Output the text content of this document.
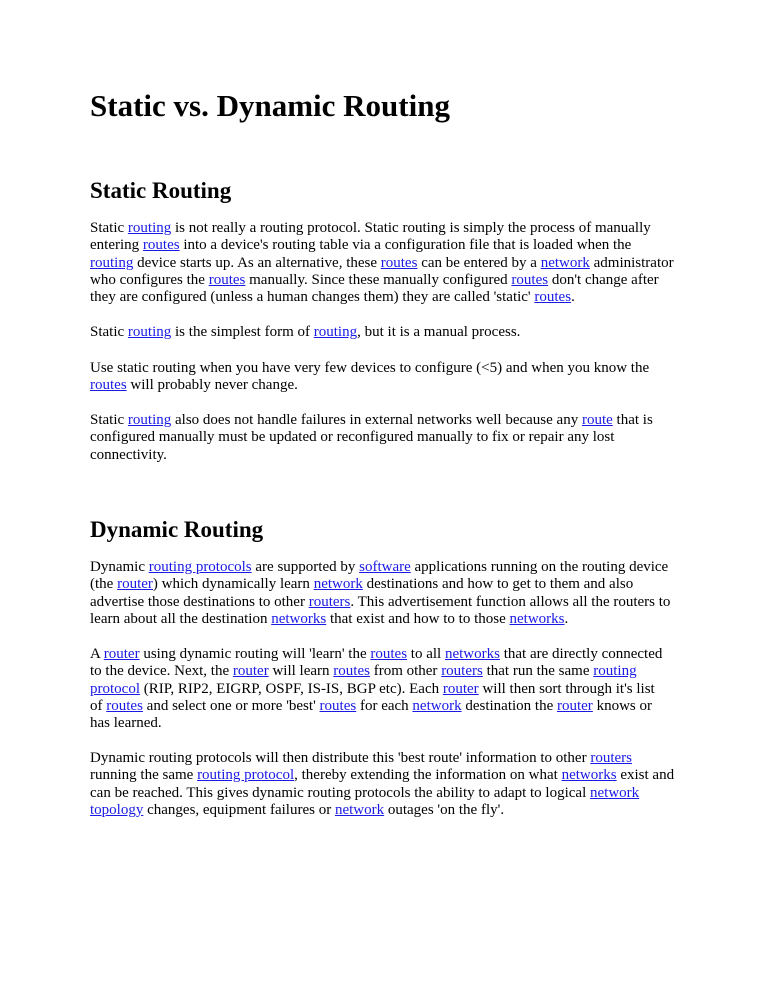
Static vs. Dynamic Routing
Static Routing

Static routing is not really a routing protocol. Static routing is simply the process of manually
entering routes into a device's routing table via a configuration file that is loaded when the
routing device starts up. As an alternative, these routes can be entered by a network administrator
who configures the routes manually. Since these manually configured routes don't change after
they are configured (unless a human changes them) they are called 'static' routes.

Static routing is the simplest form of routing, but it is a manual process.

Use static routing when you have very few devices to configure (<5) and when you know the
routes will probably never change.

Static routing also does not handle failures in external networks well because any route that is
configured manually must be updated or reconfigured manually to fix or repair any lost
connectivity.

Dynamic Routing

Dynamic routing protocols are supported by software applications running on the routing device
(the router) which dynamically learn network destinations and how to get to them and also
advertise those destinations to other routers. This advertisement function allows all the routers to
learn about all the destination networks that exist and how to to those networks.

A router using dynamic routing will 'learn' the routes to all networks that are directly connected
to the device. Next, the router will learn routes from other routers that run the same routing
protocol (RIP, RIP2, EIGRP, OSPF, IS-IS, BGP etc). Each router will then sort through it's list
of routes and select one or more 'best' routes for each network destination the router knows or
has learned.

Dynamic routing protocols will then distribute this 'best route' information to other routers
running the same routing protocol, thereby extending the information on what networks exist and
can be reached. This gives dynamic routing protocols the ability to adapt to logical network
topology changes, equipment failures or network outages 'on the fly'.
